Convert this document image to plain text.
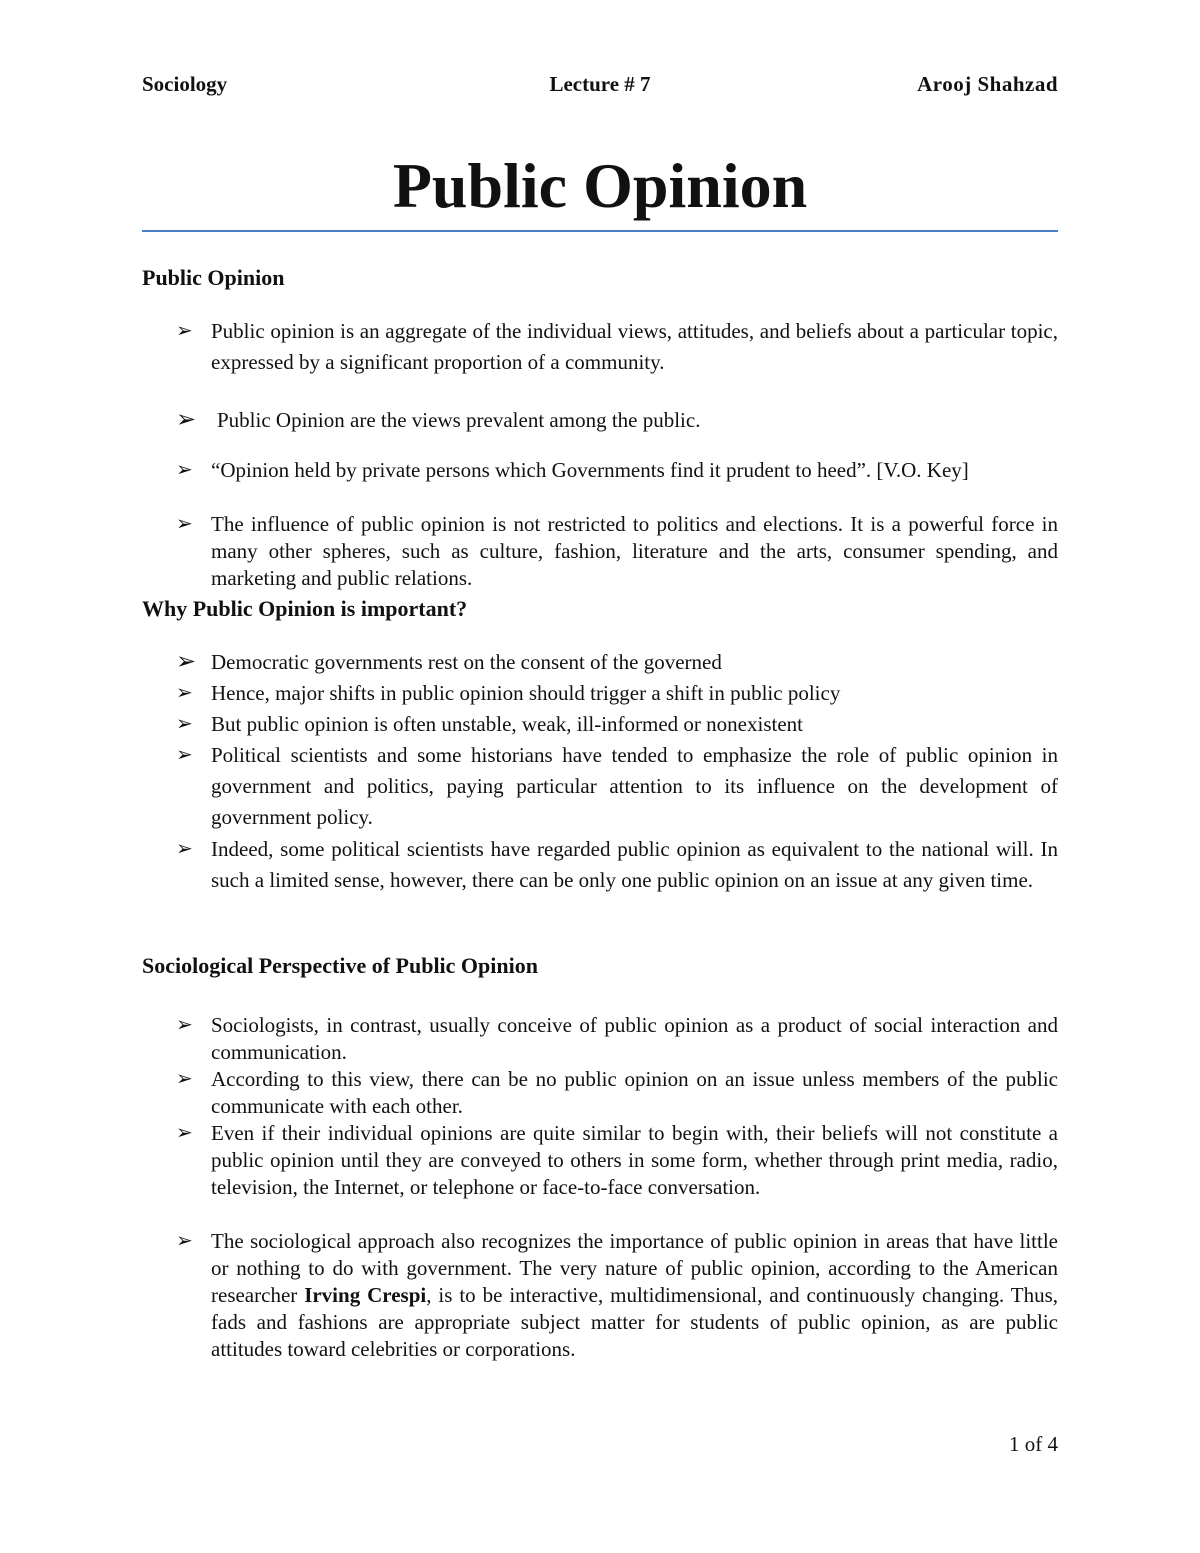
Sociology	Lecture # 7	Arooj Shahzad
Public Opinion
Public Opinion
➢ Public opinion is an aggregate of the individual views, attitudes, and beliefs about a particular topic, expressed by a significant proportion of a community.
➢ Public Opinion are the views prevalent among the public.
➢ “Opinion held by private persons which Governments find it prudent to heed”. [V.O. Key]
➢ The influence of public opinion is not restricted to politics and elections. It is a powerful force in many other spheres, such as culture, fashion, literature and the arts, consumer spending, and marketing and public relations.
Why Public Opinion is important?
➢ Democratic governments rest on the consent of the governed
➢ Hence, major shifts in public opinion should trigger a shift in public policy
➢ But public opinion is often unstable, weak, ill-informed or nonexistent
➢ Political scientists and some historians have tended to emphasize the role of public opinion in government and politics, paying particular attention to its influence on the development of government policy.
➢ Indeed, some political scientists have regarded public opinion as equivalent to the national will. In such a limited sense, however, there can be only one public opinion on an issue at any given time.
Sociological Perspective of Public Opinion
➢ Sociologists, in contrast, usually conceive of public opinion as a product of social interaction and communication.
➢ According to this view, there can be no public opinion on an issue unless members of the public communicate with each other.
➢ Even if their individual opinions are quite similar to begin with, their beliefs will not constitute a public opinion until they are conveyed to others in some form, whether through print media, radio, television, the Internet, or telephone or face-to-face conversation.
➢ The sociological approach also recognizes the importance of public opinion in areas that have little or nothing to do with government. The very nature of public opinion, according to the American researcher Irving Crespi, is to be interactive, multidimensional, and continuously changing. Thus, fads and fashions are appropriate subject matter for students of public opinion, as are public attitudes toward celebrities or corporations.
1 of 4
